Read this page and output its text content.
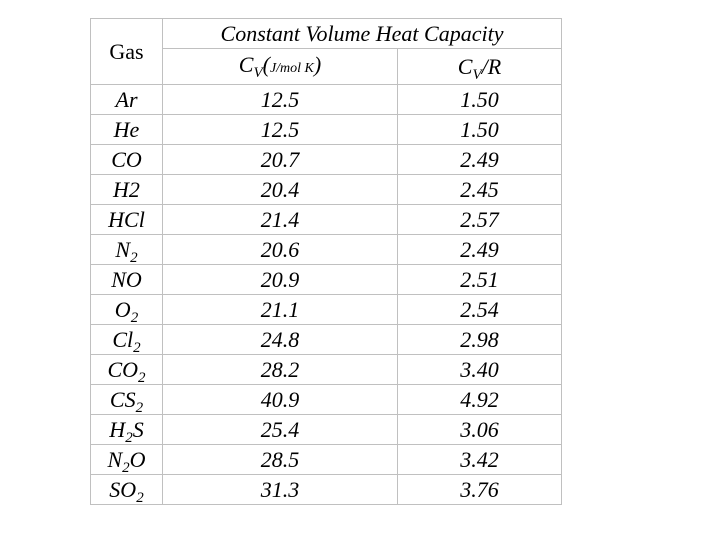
Gas	Constant Volume Heat Capacity	
	$C_V(J$/mol K)	$C_V/R$
Ar	12.5	1.50
He	12.5	1.50
CO	20.7	2.49
H2	20.4	2.45
HCl	21.4	2.57
$N_2$	20.6	2.49
NO	20.9	2.51
$O_2$	21.1	2.54
$Cl_2$	24.8	2.98
$CO_2$	28.2	3.40
$CS_2$	40.9	4.92
$H_2S$	25.4	3.06
$N_2O$	28.5	3.42
$SO_2$	31.3	3.76
